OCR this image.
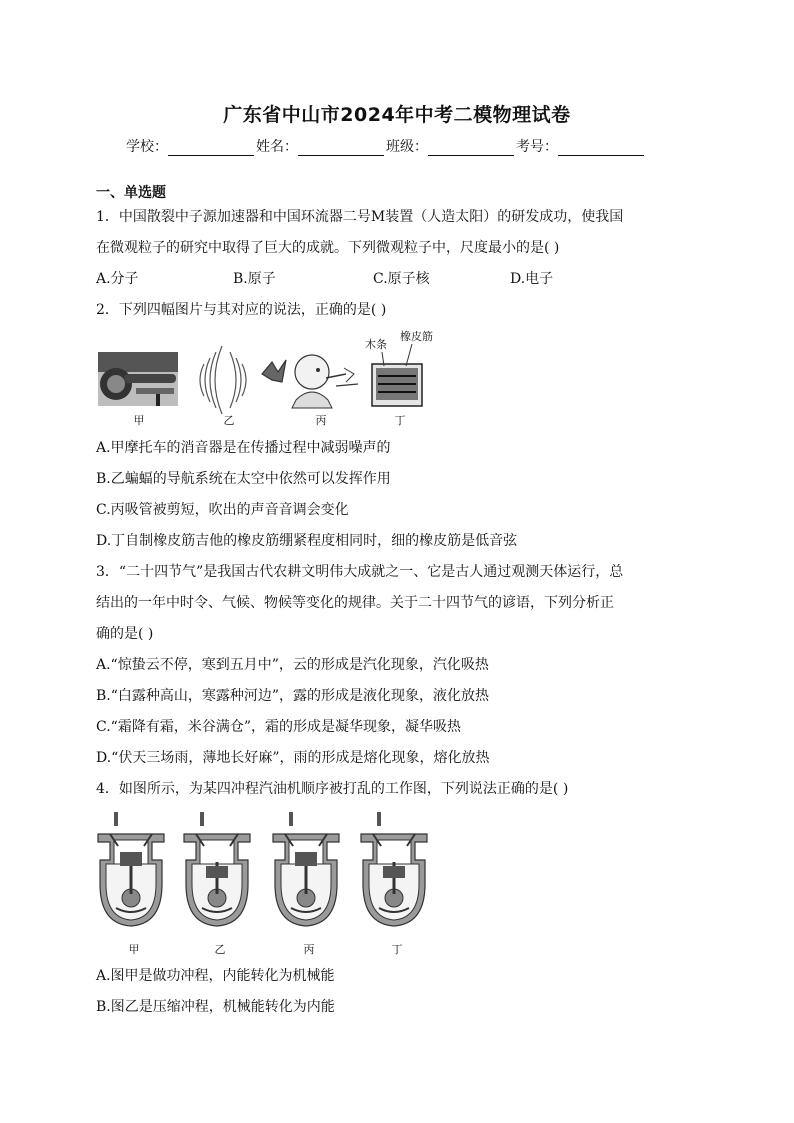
广东省中山市2024年中考二模物理试卷
学校：	姓名：	班级：	考号：
一、单选题
1．中国散裂中子源加速器和中国环流器二号M装置（人造太阳）的研发成功，使我国
在微观粒子的研究中取得了巨大的成就。下列微观粒子中，尺度最小的是( )
A.分子	B.原子	C.原子核	D.电子
2．下列四幅图片与其对应的说法，正确的是( )
木条
橡皮筋
甲	乙	丙	丁
A.甲摩托车的消音器是在传播过程中减弱噪声的
B.乙蝙蝠的导航系统在太空中依然可以发挥作用
C.丙吸管被剪短，吹出的声音音调会变化
D.丁自制橡皮筋吉他的橡皮筋绷紧程度相同时，细的橡皮筋是低音弦
3．“二十四节气”是我国古代农耕文明伟大成就之一、它是古人通过观测天体运行，总
结出的一年中时令、气候、物候等变化的规律。关于二十四节气的谚语，下列分析正
确的是( )
A.“惊蛰云不停，寒到五月中”，云的形成是汽化现象，汽化吸热
B.“白露种高山，寒露种河边”，露的形成是液化现象，液化放热
C.“霜降有霜，米谷满仓”，霜的形成是凝华现象，凝华吸热
D.“伏天三场雨，薄地长好麻”，雨的形成是熔化现象，熔化放热
4．如图所示，为某四冲程汽油机顺序被打乱的工作图，下列说法正确的是( )
甲	乙	丙	丁
A.图甲是做功冲程，内能转化为机械能
B.图乙是压缩冲程，机械能转化为内能
